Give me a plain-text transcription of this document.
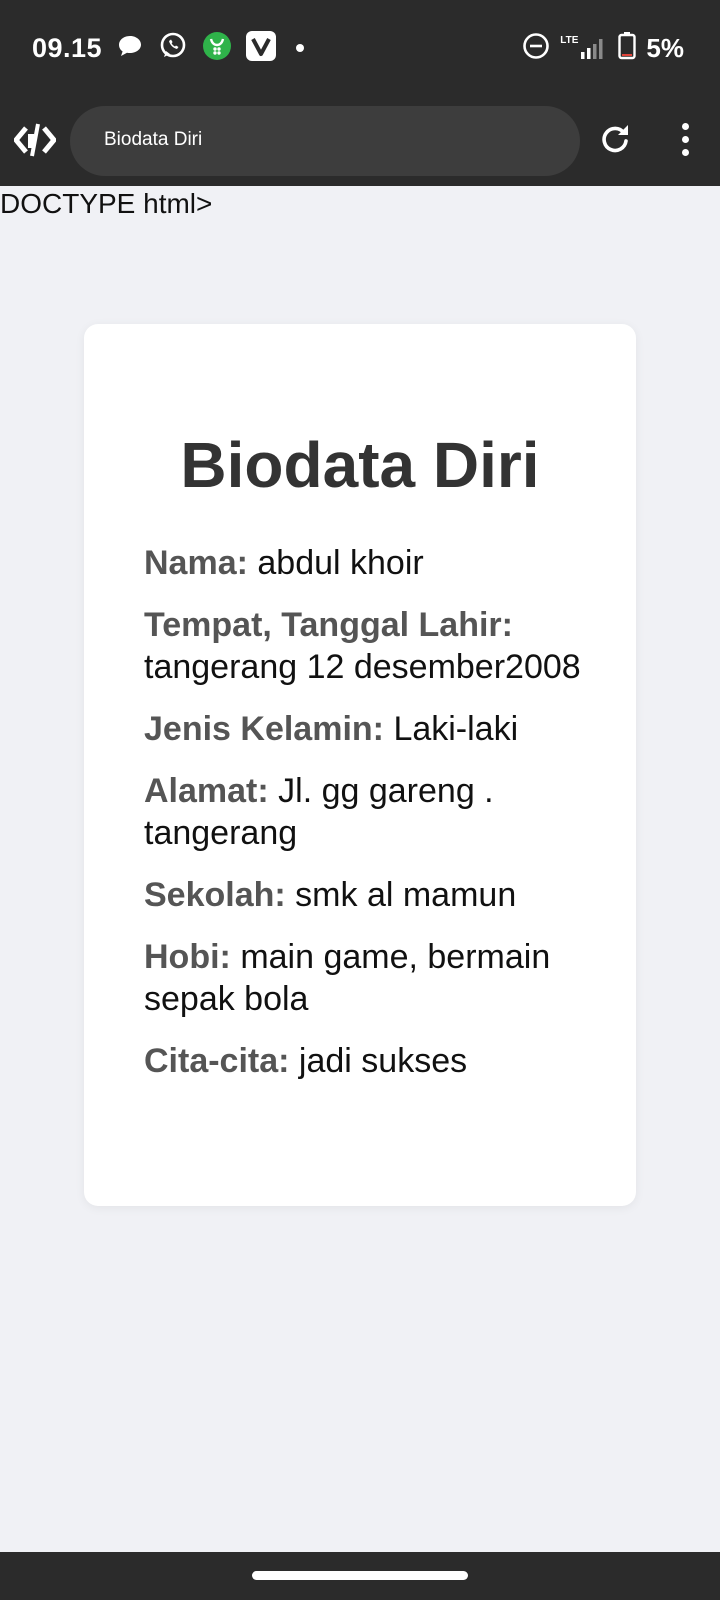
09.15	LTE	5%
Biodata Diri
DOCTYPE html>
Biodata Diri
Nama: abdul khoir
Tempat, Tanggal Lahir: tangerang 12 desember2008
Jenis Kelamin: Laki-laki
Alamat: Jl. gg gareng . tangerang
Sekolah: smk al mamun
Hobi: main game, bermain sepak bola
Cita-cita: jadi sukses
